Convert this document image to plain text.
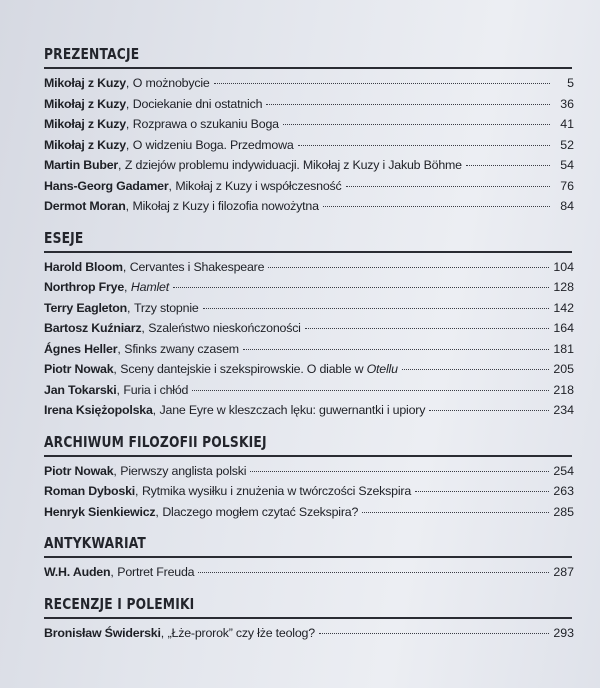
PREZENTACJE
Mikołaj z Kuzy , O możnobycie	5
Mikołaj z Kuzy , Dociekanie dni ostatnich	36
Mikołaj z Kuzy , Rozprawa o szukaniu Boga	41
Mikołaj z Kuzy , O widzeniu Boga. Przedmowa	52
Martin Buber , Z dziejów problemu indywiduacji. Mikołaj z Kuzy i Jakub Böhme	54
Hans-Georg Gadamer , Mikołaj z Kuzy i współczesność	76
Dermot Moran , Mikołaj z Kuzy i filozofia nowożytna	84
ESEJE
Harold Bloom , Cervantes i Shakespeare	104
Northrop Frye , Hamlet	128
Terry Eagleton , Trzy stopnie	142
Bartosz Kuźniarz , Szaleństwo nieskończoności	164
Ágnes Heller , Sfinks zwany czasem	181
Piotr Nowak , Sceny dantejskie i szekspirowskie. O diable w Otellu	205
Jan Tokarski , Furia i chłód	218
Irena Księżopolska , Jane Eyre w kleszczach lęku: guwernantki i upiory	234
ARCHIWUM FILOZOFII POLSKIEJ
Piotr Nowak , Pierwszy anglista polski	254
Roman Dyboski , Rytmika wysiłku i znużenia w twórczości Szekspira	263
Henryk Sienkiewicz , Dlaczego mogłem czytać Szekspira?	285
ANTYKWARIAT
W.H. Auden , Portret Freuda	287
RECENZJE I POLEMIKI
Bronisław Świderski , „Łże-prorok” czy łże teolog?	293
